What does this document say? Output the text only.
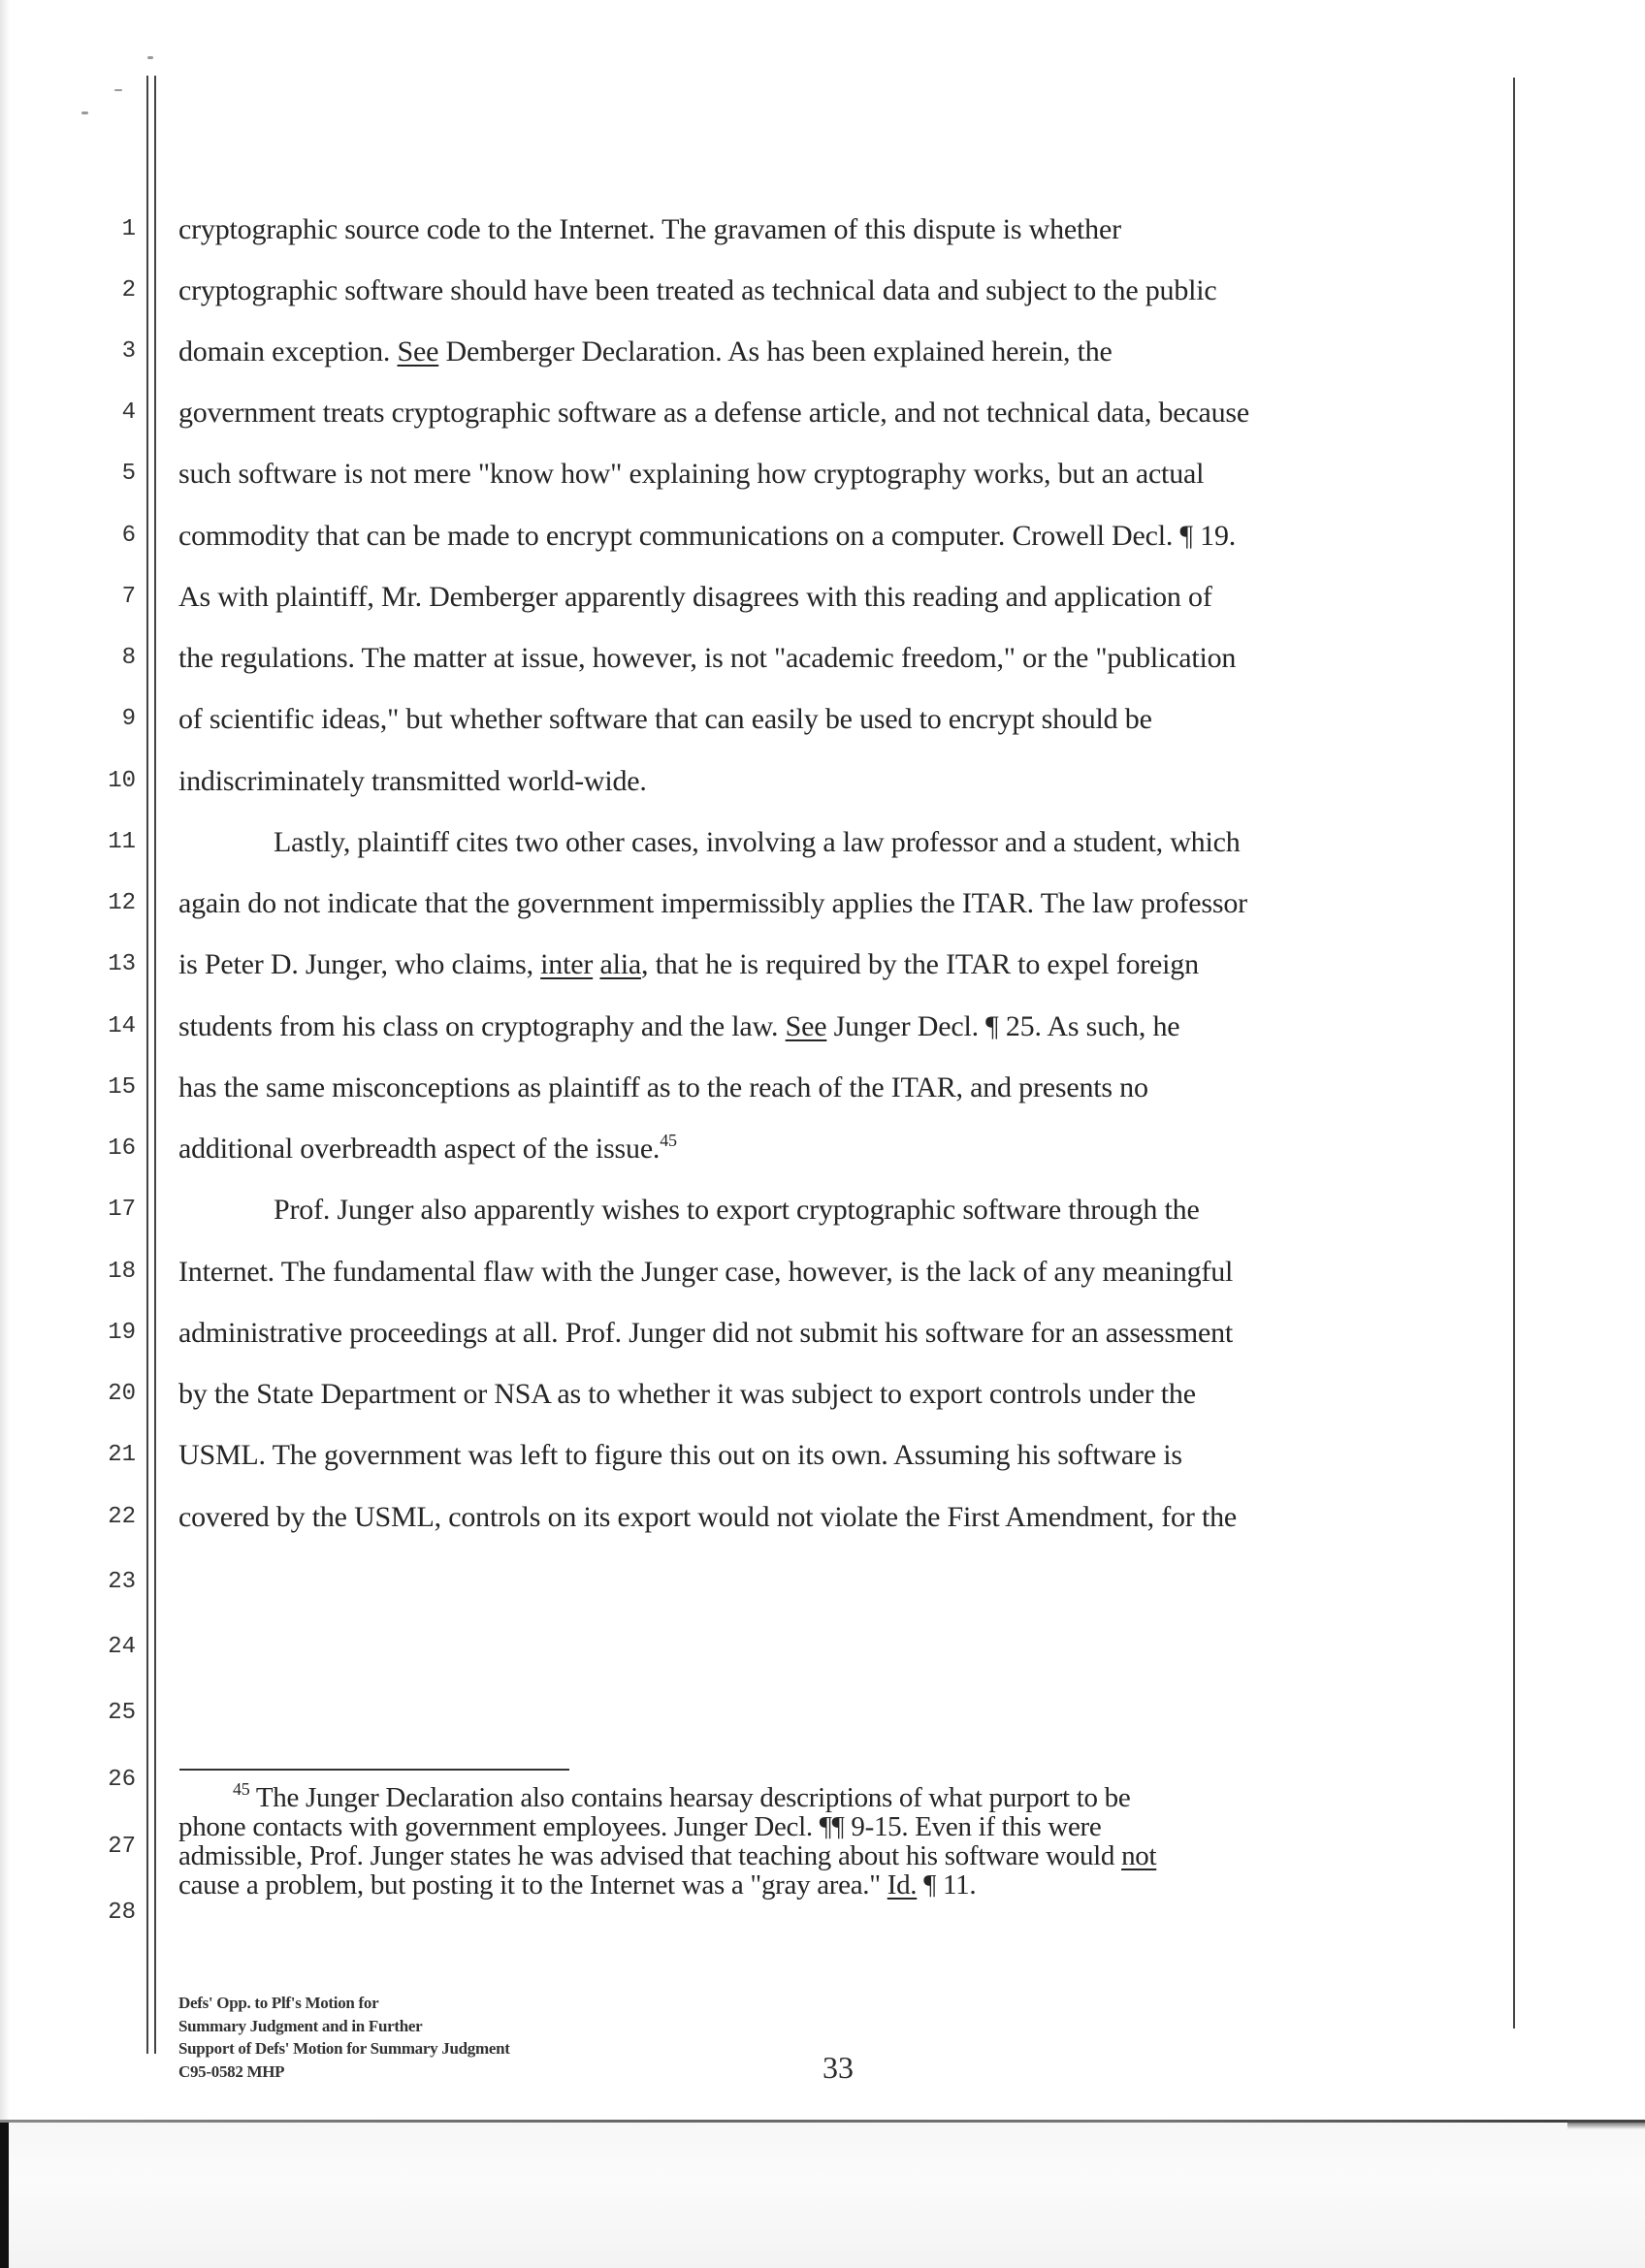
1
2
3
4
5
6
7
8
9
10
11
12
13
14
15
16
17
18
19
20
21
22
23
24
25
26
27
28
cryptographic source code to the Internet. The gravamen of this dispute is whether
cryptographic software should have been treated as technical data and subject to the public
domain exception. See Demberger Declaration. As has been explained herein, the
government treats cryptographic software as a defense article, and not technical data, because
such software is not mere "know how" explaining how cryptography works, but an actual
commodity that can be made to encrypt communications on a computer. Crowell Decl. ¶ 19.
As with plaintiff, Mr. Demberger apparently disagrees with this reading and application of
the regulations. The matter at issue, however, is not "academic freedom," or the "publication
of scientific ideas," but whether software that can easily be used to encrypt should be
indiscriminately transmitted world-wide.
Lastly, plaintiff cites two other cases, involving a law professor and a student, which
again do not indicate that the government impermissibly applies the ITAR. The law professor
is Peter D. Junger, who claims, inter alia, that he is required by the ITAR to expel foreign
students from his class on cryptography and the law. See Junger Decl. ¶ 25. As such, he
has the same misconceptions as plaintiff as to the reach of the ITAR, and presents no
additional overbreadth aspect of the issue.$^{45}$
Prof. Junger also apparently wishes to export cryptographic software through the
Internet. The fundamental flaw with the Junger case, however, is the lack of any meaningful
administrative proceedings at all. Prof. Junger did not submit his software for an assessment
by the State Department or NSA as to whether it was subject to export controls under the
USML. The government was left to figure this out on its own. Assuming his software is
covered by the USML, controls on its export would not violate the First Amendment, for the
$^{45}$ The Junger Declaration also contains hearsay descriptions of what purport to be
phone contacts with government employees. Junger Decl. ¶¶ 9-15. Even if this were
admissible, Prof. Junger states he was advised that teaching about his software would not
cause a problem, but posting it to the Internet was a "gray area." Id. ¶ 11.
Defs' Opp. to Plf's Motion for
Summary Judgment and in Further
Support of Defs' Motion for Summary Judgment
C95-0582 MHP	33
